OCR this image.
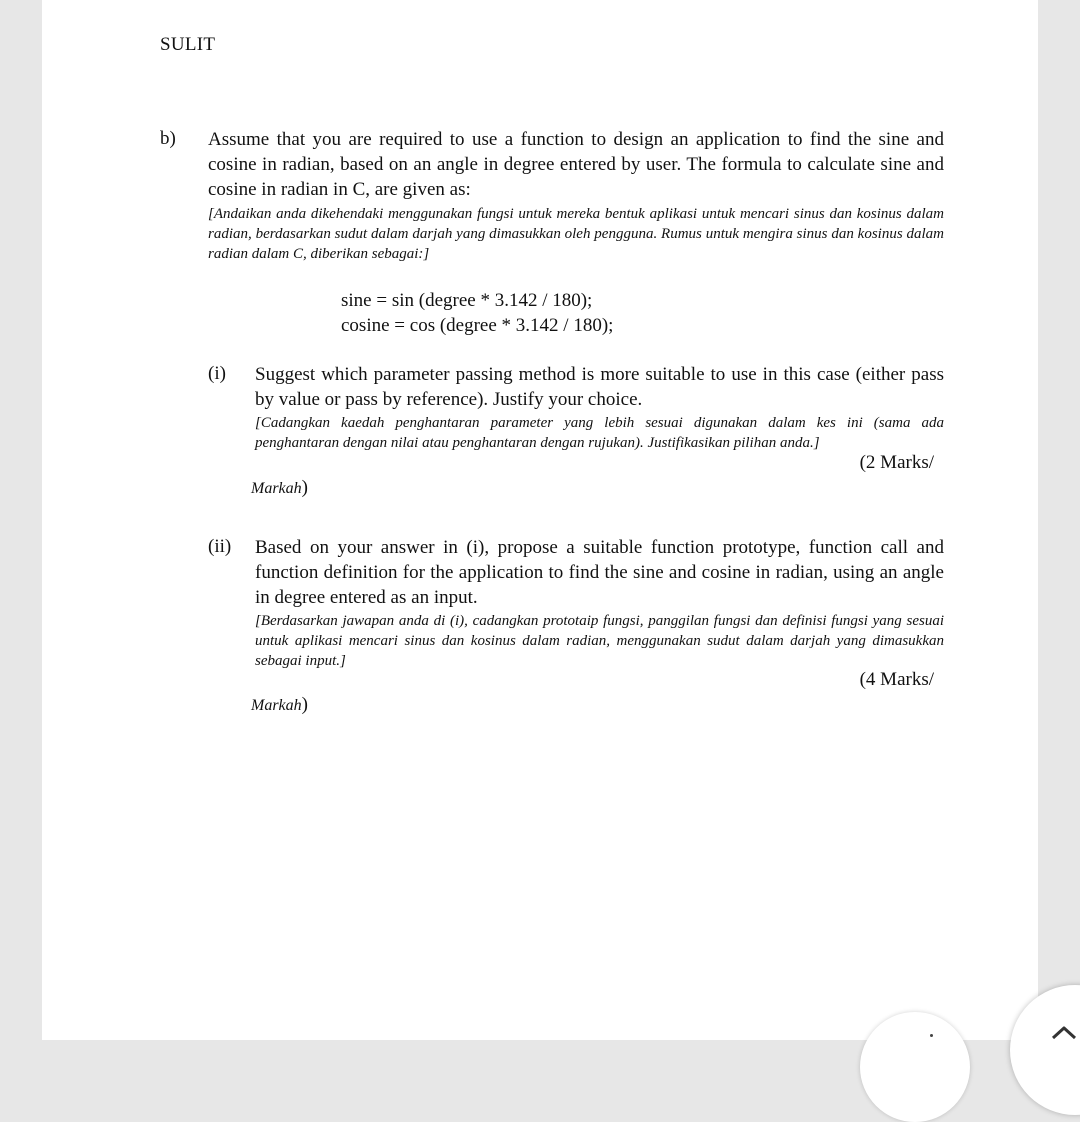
SULIT
b) Assume that you are required to use a function to design an application to find the sine and cosine in radian, based on an angle in degree entered by user. The formula to calculate sine and cosine in radian in C, are given as:
[Andaikan anda dikehendaki menggunakan fungsi untuk mereka bentuk aplikasi untuk mencari sinus dan kosinus dalam radian, berdasarkan sudut dalam darjah yang dimasukkan oleh pengguna. Rumus untuk mengira sinus dan kosinus dalam radian dalam C, diberikan sebagai:]
sine = sin (degree * 3.142 / 180);
cosine = cos (degree * 3.142 / 180);
(i) Suggest which parameter passing method is more suitable to use in this case (either pass by value or pass by reference). Justify your choice.
[Cadangkan kaedah penghantaran parameter yang lebih sesuai digunakan dalam kes ini (sama ada penghantaran dengan nilai atau penghantaran dengan rujukan). Justifikasikan pilihan anda.]
(2 Marks/
Markah)
(ii) Based on your answer in (i), propose a suitable function prototype, function call and function definition for the application to find the sine and cosine in radian, using an angle in degree entered as an input.
[Berdasarkan jawapan anda di (i), cadangkan prototaip fungsi, panggilan fungsi dan definisi fungsi yang sesuai untuk aplikasi mencari sinus dan kosinus dalam radian, menggunakan sudut dalam darjah yang dimasukkan sebagai input.]
(4 Marks/
Markah)
